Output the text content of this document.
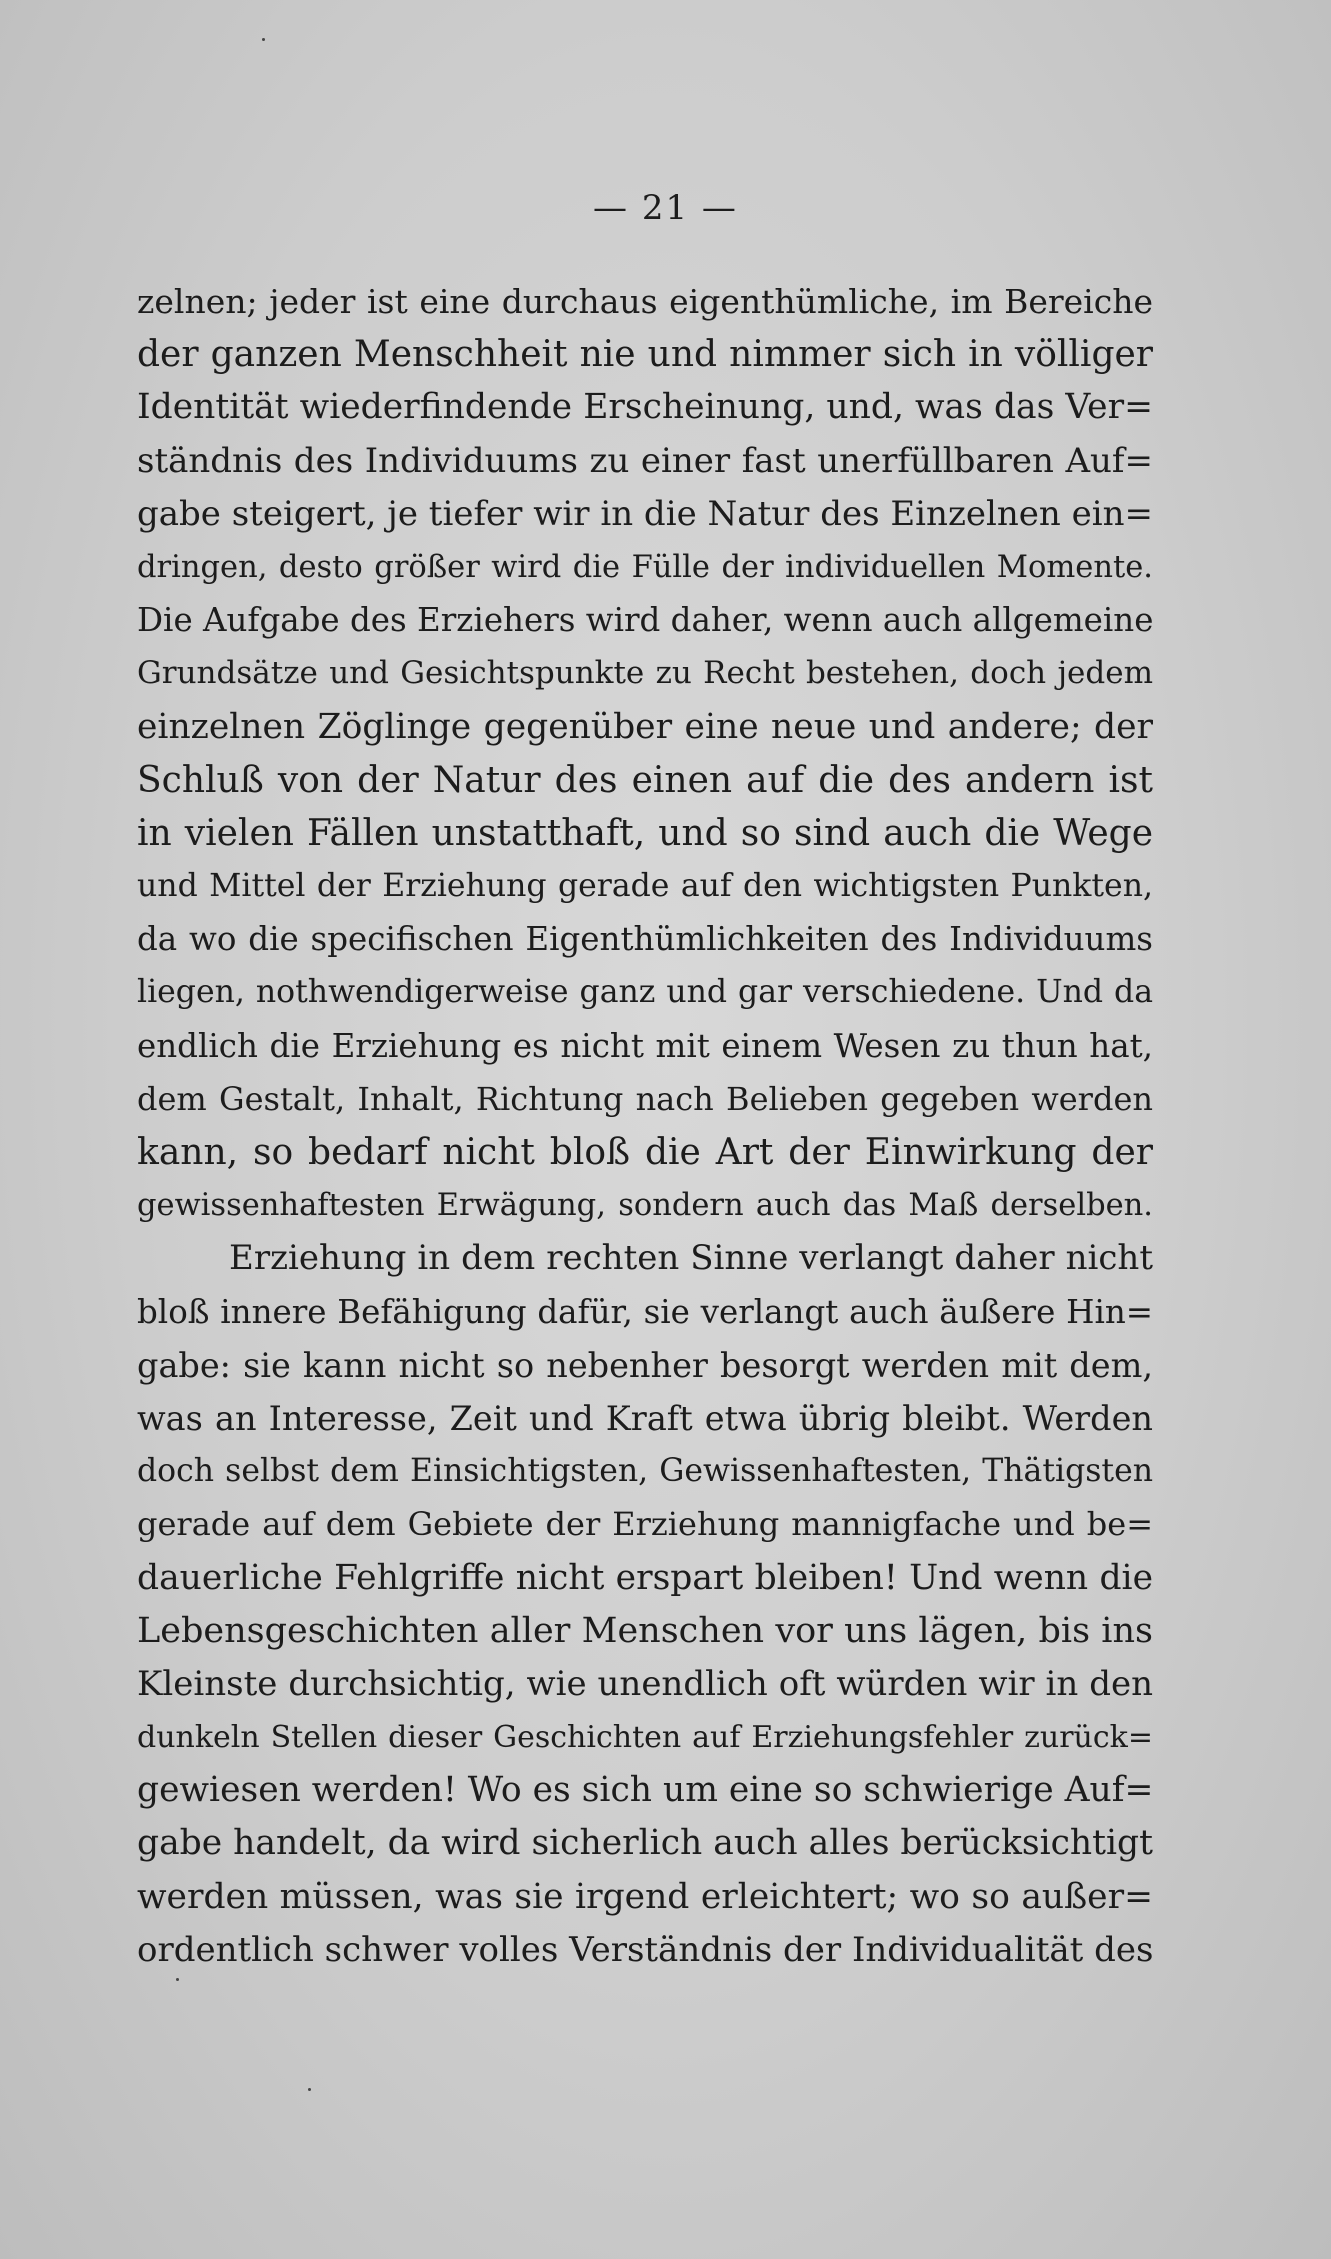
— 21 —
zelnen; jeder ist eine durchaus eigenthümliche, im Bereiche
der ganzen Menschheit nie und nimmer sich in völliger
Identität wiederfindende Erscheinung, und, was das Ver=
ständnis des Individuums zu einer fast unerfüllbaren Auf=
gabe steigert, je tiefer wir in die Natur des Einzelnen ein=
dringen, desto größer wird die Fülle der individuellen Momente.
Die Aufgabe des Erziehers wird daher, wenn auch allgemeine
Grundsätze und Gesichtspunkte zu Recht bestehen, doch jedem
einzelnen Zöglinge gegenüber eine neue und andere; der
Schluß von der Natur des einen auf die des andern ist
in vielen Fällen unstatthaft, und so sind auch die Wege
und Mittel der Erziehung gerade auf den wichtigsten Punkten,
da wo die specifischen Eigenthümlichkeiten des Individuums
liegen, nothwendigerweise ganz und gar verschiedene. Und da
endlich die Erziehung es nicht mit einem Wesen zu thun hat,
dem Gestalt, Inhalt, Richtung nach Belieben gegeben werden
kann, so bedarf nicht bloß die Art der Einwirkung der
gewissenhaftesten Erwägung, sondern auch das Maß derselben.
Erziehung in dem rechten Sinne verlangt daher nicht
bloß innere Befähigung dafür, sie verlangt auch äußere Hin=
gabe: sie kann nicht so nebenher besorgt werden mit dem,
was an Interesse, Zeit und Kraft etwa übrig bleibt. Werden
doch selbst dem Einsichtigsten, Gewissenhaftesten, Thätigsten
gerade auf dem Gebiete der Erziehung mannigfache und be=
dauerliche Fehlgriffe nicht erspart bleiben! Und wenn die
Lebensgeschichten aller Menschen vor uns lägen, bis ins
Kleinste durchsichtig, wie unendlich oft würden wir in den
dunkeln Stellen dieser Geschichten auf Erziehungsfehler zurück=
gewiesen werden! Wo es sich um eine so schwierige Auf=
gabe handelt, da wird sicherlich auch alles berücksichtigt
werden müssen, was sie irgend erleichtert; wo so außer=
ordentlich schwer volles Verständnis der Individualität des
